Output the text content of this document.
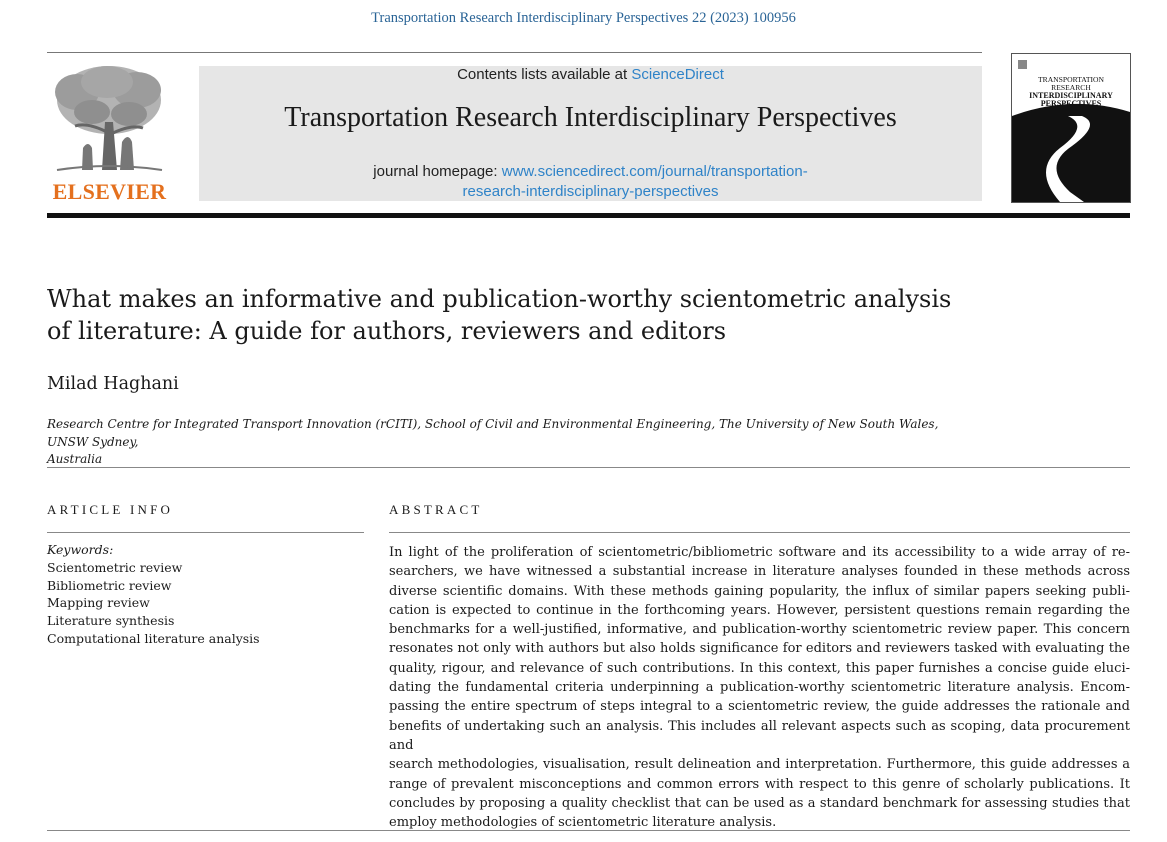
Transportation Research Interdisciplinary Perspectives 22 (2023) 100956
ELSEVIER
Contents lists available at ScienceDirect
Transportation Research Interdisciplinary Perspectives
journal homepage: www.sciencedirect.com/journal/transportation-
research-interdisciplinary-perspectives
TRANSPORTATION
RESEARCH
INTERDISCIPLINARY
PERSPECTIVES
What makes an informative and publication-worthy scientometric analysis
of literature: A guide for authors, reviewers and editors
Milad Haghani
Research Centre for Integrated Transport Innovation (rCITI), School of Civil and Environmental Engineering, The University of New South Wales, UNSW Sydney,
Australia
ARTICLE INFO	ABSTRACT
Keywords:
Scientometric review
Bibliometric review
Mapping review
Literature synthesis
Computational literature analysis
In light of the proliferation of scientometric/bibliometric software and its accessibility to a wide array of re-
searchers, we have witnessed a substantial increase in literature analyses founded in these methods across
diverse scientific domains. With these methods gaining popularity, the influx of similar papers seeking publi-
cation is expected to continue in the forthcoming years. However, persistent questions remain regarding the
benchmarks for a well-justified, informative, and publication-worthy scientometric review paper. This concern
resonates not only with authors but also holds significance for editors and reviewers tasked with evaluating the
quality, rigour, and relevance of such contributions. In this context, this paper furnishes a concise guide eluci-
dating the fundamental criteria underpinning a publication-worthy scientometric literature analysis. Encom-
passing the entire spectrum of steps integral to a scientometric review, the guide addresses the rationale and
benefits of undertaking such an analysis. This includes all relevant aspects such as scoping, data procurement and
search methodologies, visualisation, result delineation and interpretation. Furthermore, this guide addresses a
range of prevalent misconceptions and common errors with respect to this genre of scholarly publications. It
concludes by proposing a quality checklist that can be used as a standard benchmark for assessing studies that
employ methodologies of scientometric literature analysis.
